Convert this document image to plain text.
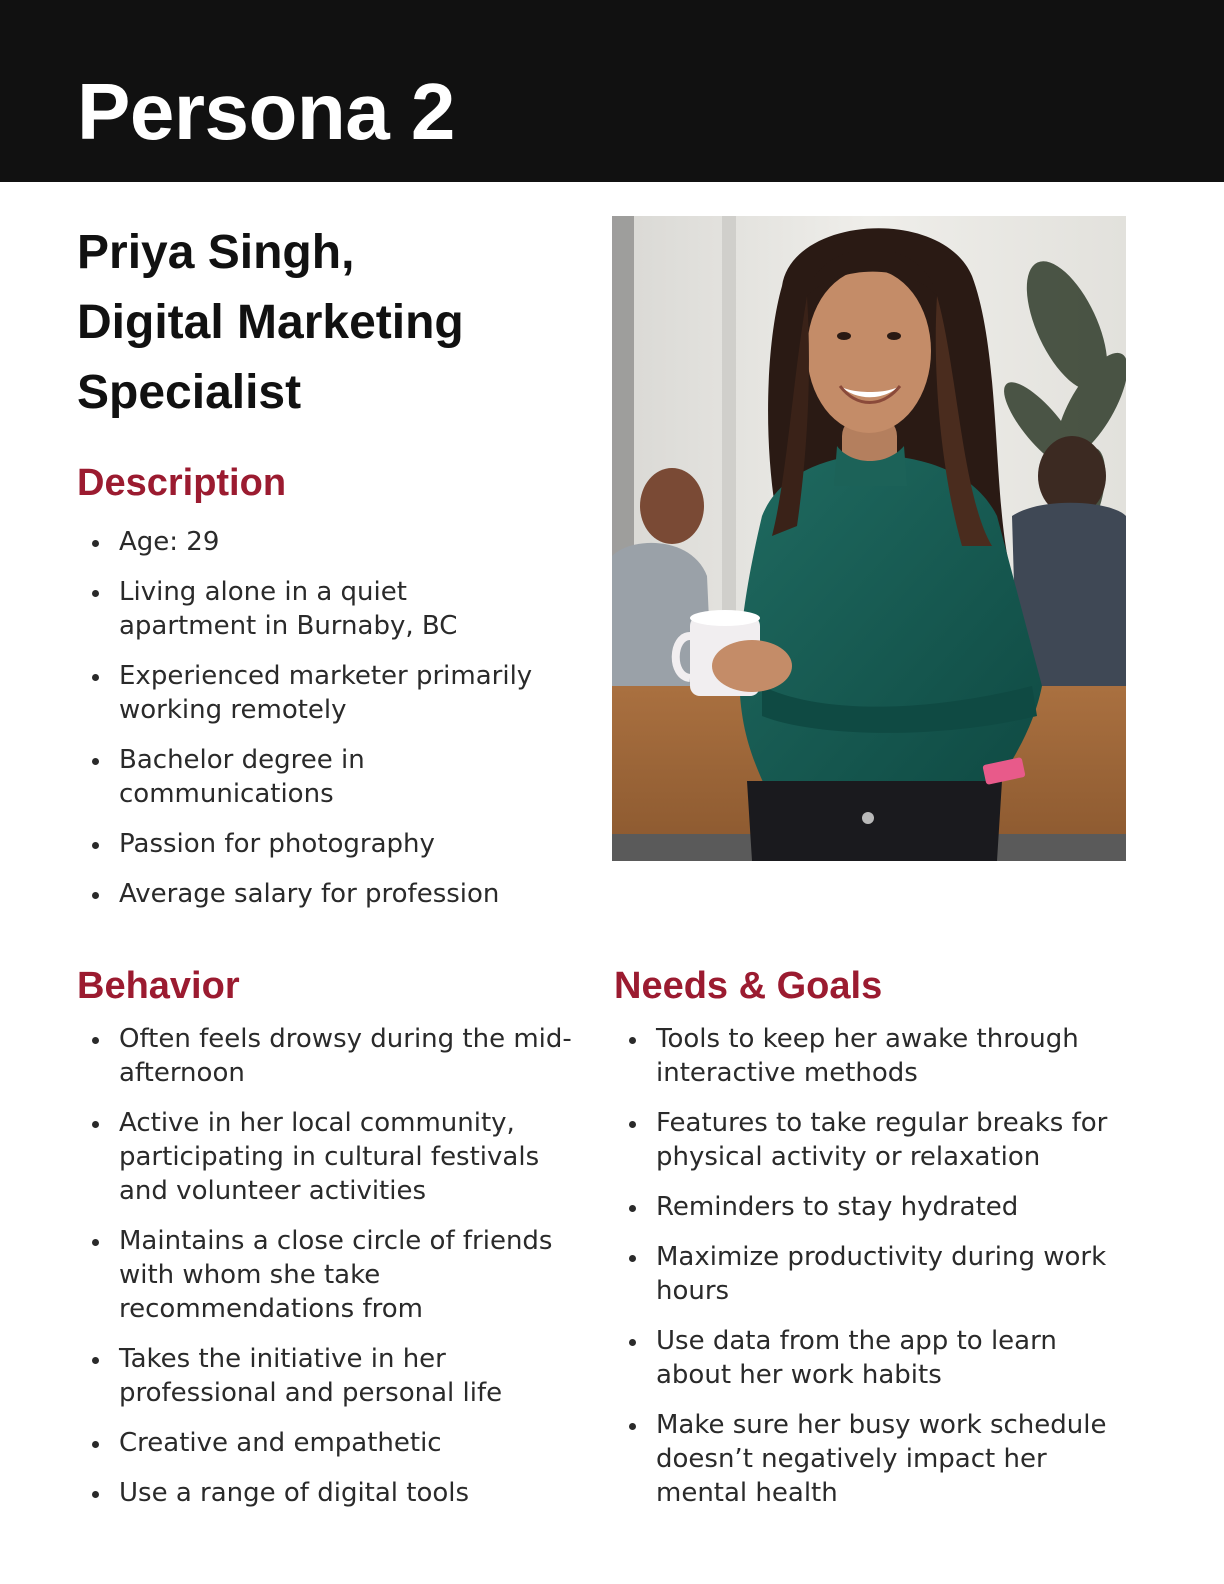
Persona 2
Priya Singh,
Digital Marketing
Specialist
Description
Age: 29
Living alone in a quiet apartment in Burnaby, BC
Experienced marketer primarily working remotely
Bachelor degree in communications
Passion for photography
Average salary for profession
Behavior
Often feels drowsy during the mid-afternoon
Active in her local community, participating in cultural festivals and volunteer activities
Maintains a close circle of friends with whom she take recommendations from
Takes the initiative in her professional and personal life
Creative and empathetic
Use a range of digital tools
Needs & Goals
Tools to keep her awake through interactive methods
Features to take regular breaks for physical activity or relaxation
Reminders to stay hydrated
Maximize productivity during work hours
Use data from the app to learn about her work habits
Make sure her busy work schedule doesn’t negatively impact her mental health
